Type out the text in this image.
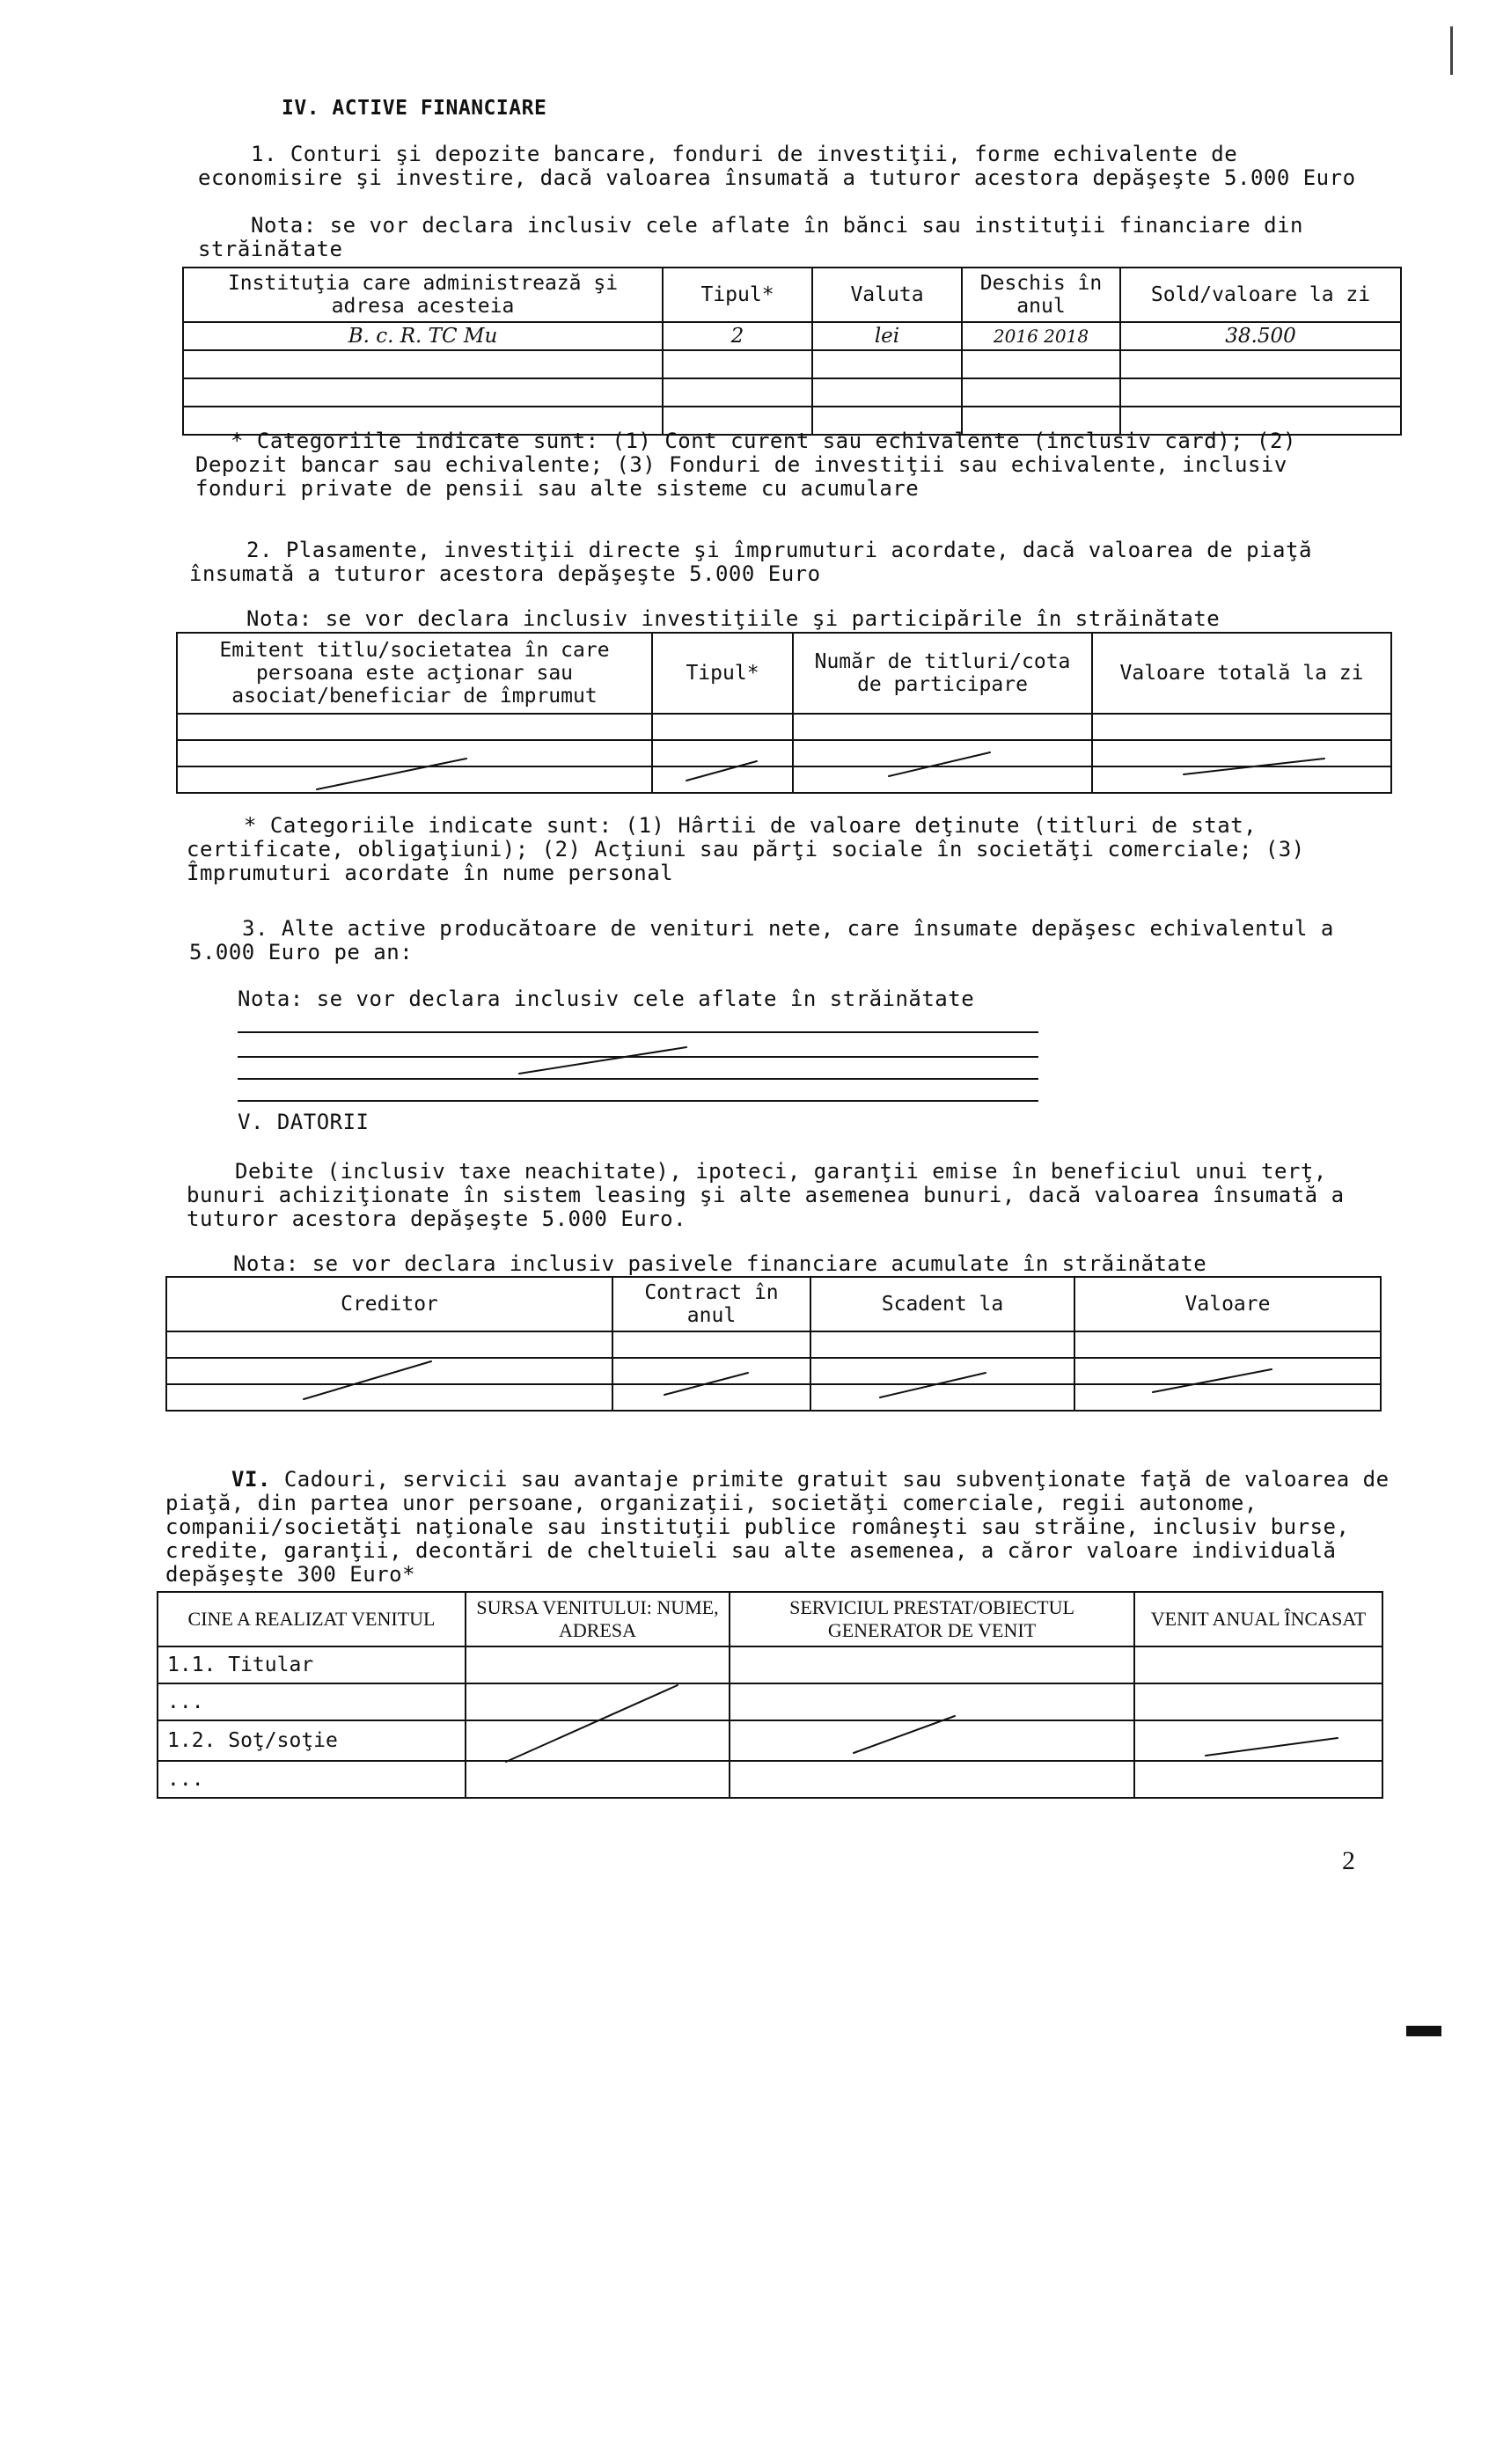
IV. ACTIVE FINANCIARE
1. Conturi şi depozite bancare, fonduri de investiţii, forme echivalente de economisire şi investire, dacă valoarea însumată a tuturor acestora depăşeşte 5.000 Euro
Nota: se vor declara inclusiv cele aflate în bănci sau instituţii financiare din străinătate
Instituţia care administrează şi adresa acesteia	Tipul*	Valuta	Deschis în anul	Sold/valoare la zi
B. c. R. TC Mu	2	lei	2016 2018	38.500

* Categoriile indicate sunt: (1) Cont curent sau echivalente (inclusiv card); (2) Depozit bancar sau echivalente; (3) Fonduri de investiţii sau echivalente, inclusiv fonduri private de pensii sau alte sisteme cu acumulare
2. Plasamente, investiţii directe şi împrumuturi acordate, dacă valoarea de piaţă însumată a tuturor acestora depăşeşte 5.000 Euro
Nota: se vor declara inclusiv investiţiile şi participările în străinătate
Emitent titlu/societatea în care persoana este acţionar sau asociat/beneficiar de împrumut	Tipul*	Număr de titluri/cota de participare	Valoare totală la zi

* Categoriile indicate sunt: (1) Hârtii de valoare deţinute (titluri de stat, certificate, obligaţiuni); (2) Acţiuni sau părţi sociale în societăţi comerciale; (3) Împrumuturi acordate în nume personal
3. Alte active producătoare de venituri nete, care însumate depăşesc echivalentul a 5.000 Euro pe an:
Nota: se vor declara inclusiv cele aflate în străinătate
V. DATORII
Debite (inclusiv taxe neachitate), ipoteci, garanţii emise în beneficiul unui terţ, bunuri achiziţionate în sistem leasing şi alte asemenea bunuri, dacă valoarea însumată a tuturor acestora depăşeşte 5.000 Euro.
Nota: se vor declara inclusiv pasivele financiare acumulate în străinătate
Creditor	Contract în anul	Scadent la	Valoare

VI. Cadouri, servicii sau avantaje primite gratuit sau subvenţionate faţă de valoarea de piaţă, din partea unor persoane, organizaţii, societăţi comerciale, regii autonome, companii/societăţi naţionale sau instituţii publice româneşti sau străine, inclusiv burse, credite, garanţii, decontări de cheltuieli sau alte asemenea, a căror valoare individuală depăşeşte 300 Euro*
CINE A REALIZAT VENITUL	SURSA VENITULUI: NUME, ADRESA	SERVICIUL PRESTAT/OBIECTUL GENERATOR DE VENIT	VENIT ANUAL ÎNCASAT
1.1. Titular			
...			
1.2. Soţ/soţie			
...			
2
